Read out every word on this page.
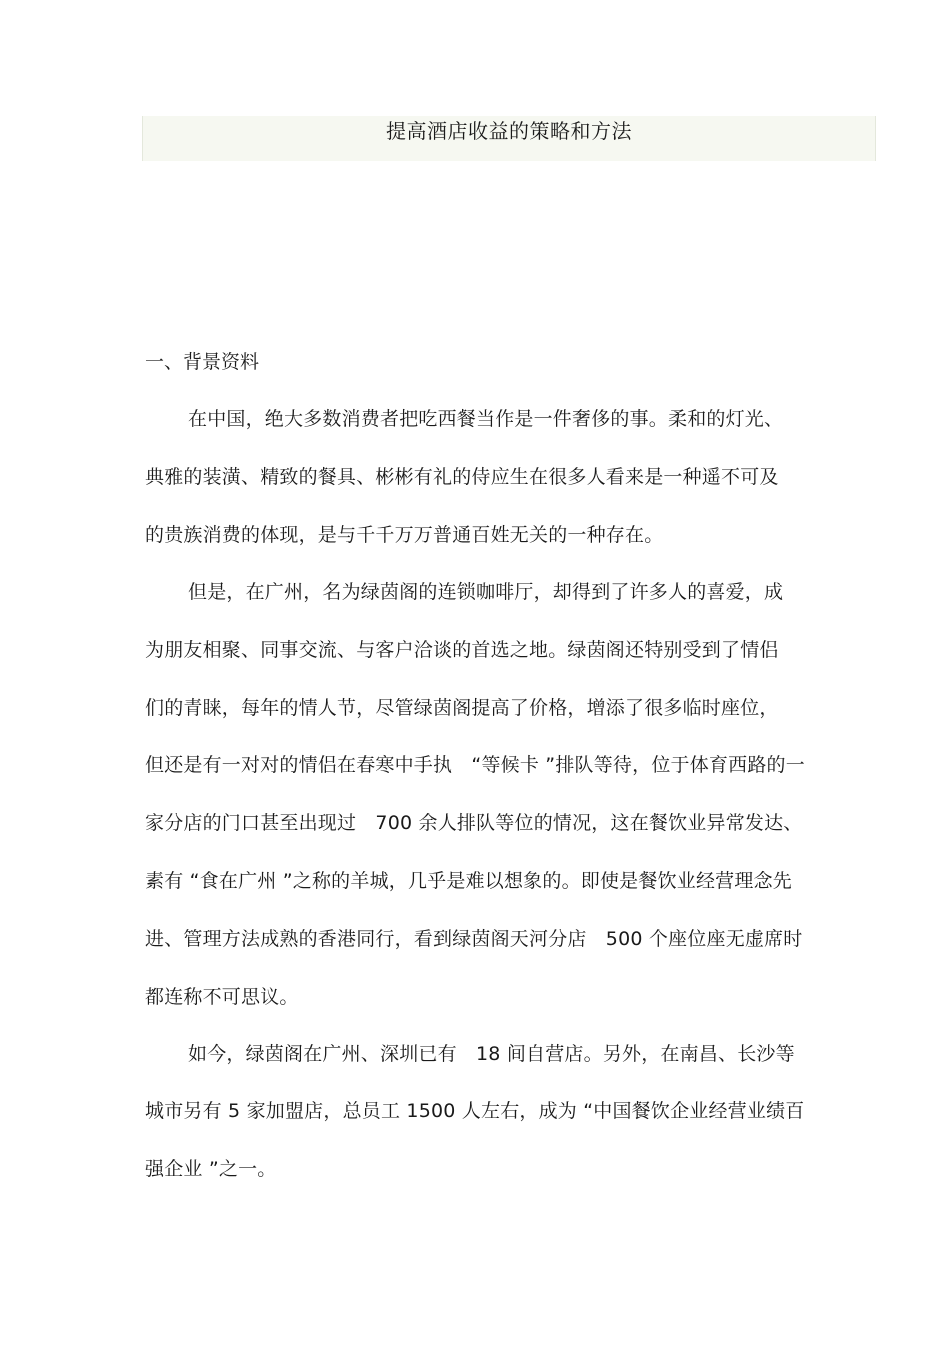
提高酒店收益的策略和方法
一、背景资料
在中国，绝大多数消费者把吃西餐当作是一件奢侈的事。柔和的灯光、
典雅的装潢、精致的餐具、彬彬有礼的侍应生在很多人看来是一种遥不可及
的贵族消费的体现，是与千千万万普通百姓无关的一种存在。
但是，在广州，名为绿茵阁的连锁咖啡厅，却得到了许多人的喜爱，成
为朋友相聚、同事交流、与客户洽谈的首选之地。绿茵阁还特别受到了情侣
们的青睐，每年的情人节，尽管绿茵阁提高了价格，增添了很多临时座位，
但还是有一对对的情侣在春寒中手执　“等候卡 ”排队等待，位于体育西路的一
家分店的门口甚至出现过　700 余人排队等位的情况，这在餐饮业异常发达、
素有 “食在广州 ”之称的羊城，几乎是难以想象的。即使是餐饮业经营理念先
进、管理方法成熟的香港同行，看到绿茵阁天河分店　500 个座位座无虚席时
都连称不可思议。
如今，绿茵阁在广州、深圳已有　18 间自营店。另外，在南昌、长沙等
城市另有 5 家加盟店，总员工 1500 人左右，成为 “中国餐饮企业经营业绩百
强企业 ”之一。
